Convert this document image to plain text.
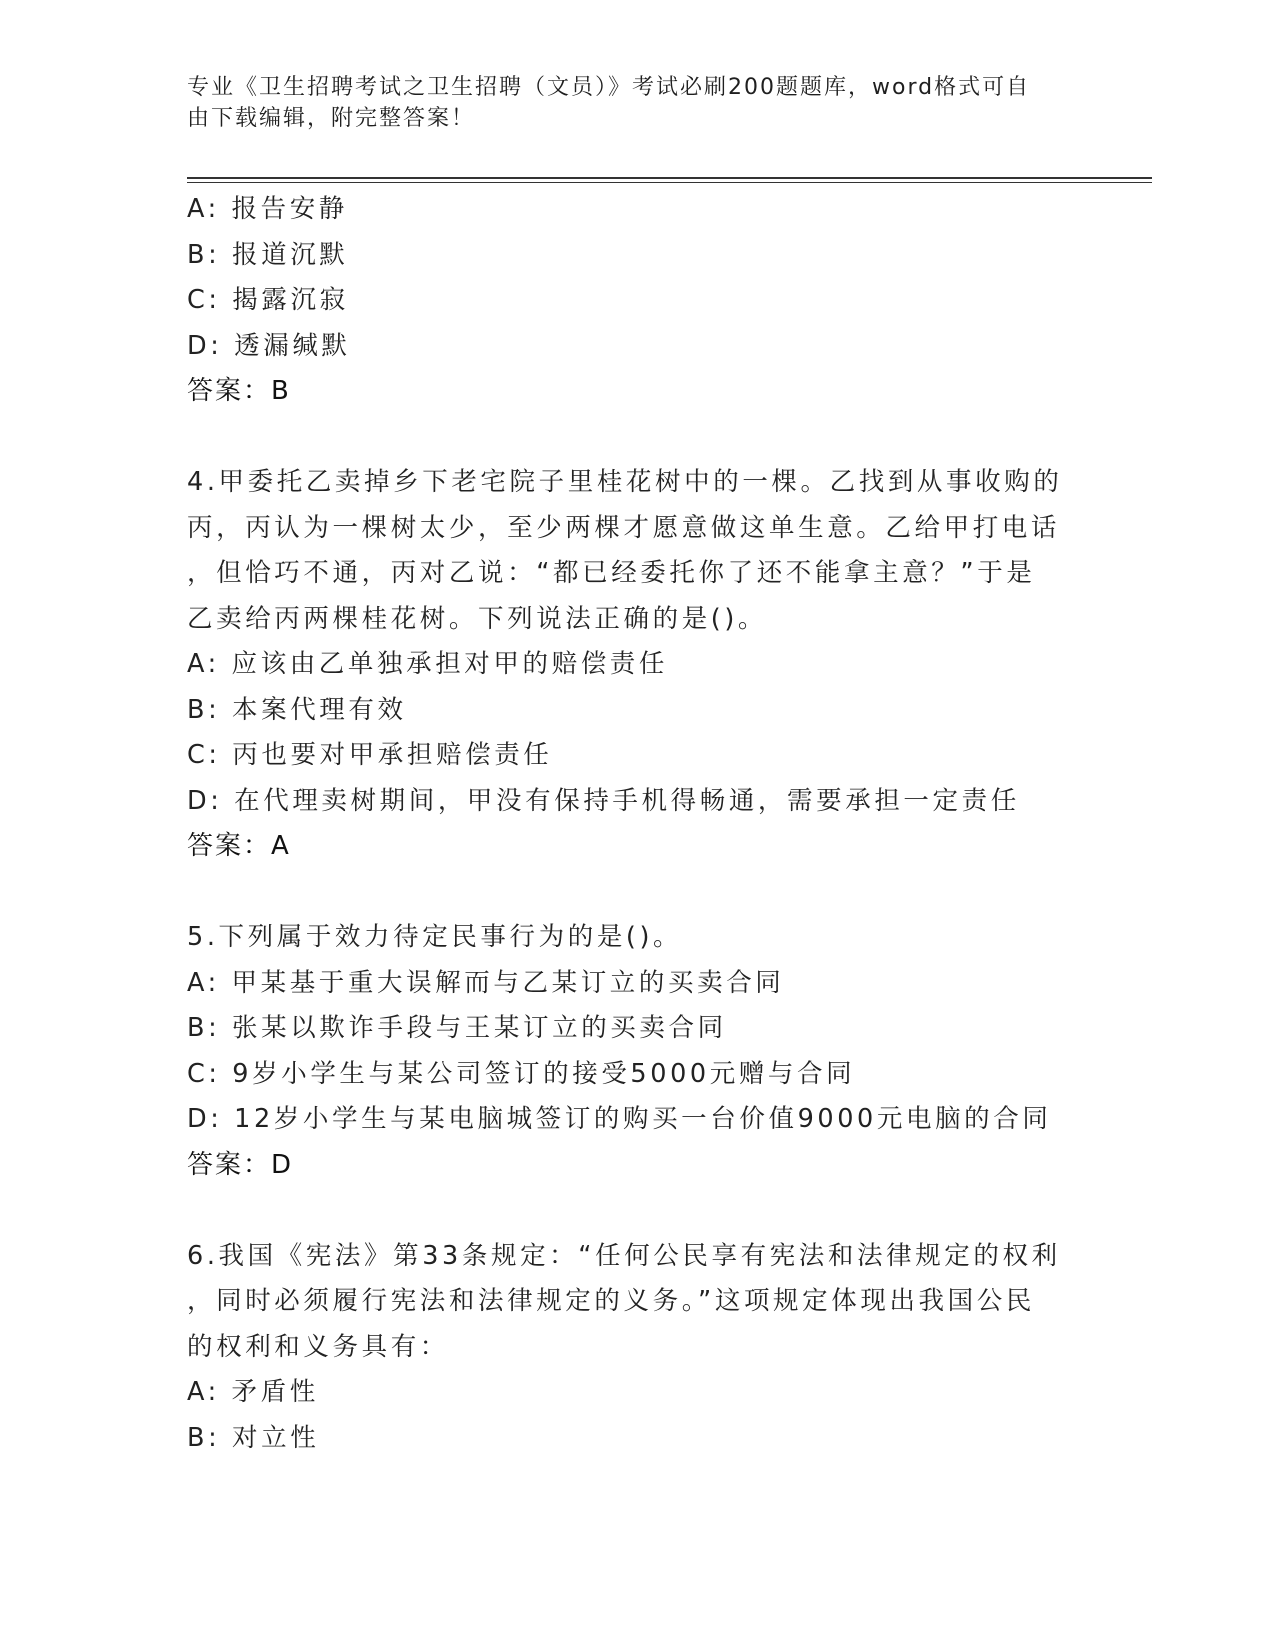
专业《卫生招聘考试之卫生招聘（文员）》考试必刷200题题库，word格式可自
由下载编辑，附完整答案！
A: 报告安静
B: 报道沉默
C: 揭露沉寂
D: 透漏缄默
答案：B
4.甲委托乙卖掉乡下老宅院子里桂花树中的一棵。乙找到从事收购的
丙，丙认为一棵树太少，至少两棵才愿意做这单生意。乙给甲打电话
，但恰巧不通，丙对乙说：“都已经委托你了还不能拿主意？”于是
乙卖给丙两棵桂花树。下列说法正确的是()。
A: 应该由乙单独承担对甲的赔偿责任
B: 本案代理有效
C: 丙也要对甲承担赔偿责任
D: 在代理卖树期间，甲没有保持手机得畅通，需要承担一定责任
答案：A
5.下列属于效力待定民事行为的是()。
A: 甲某基于重大误解而与乙某订立的买卖合同
B: 张某以欺诈手段与王某订立的买卖合同
C: 9岁小学生与某公司签订的接受5000元赠与合同
D: 12岁小学生与某电脑城签订的购买一台价值9000元电脑的合同
答案：D
6.我国《宪法》第33条规定：“任何公民享有宪法和法律规定的权利
，同时必须履行宪法和法律规定的义务。”这项规定体现出我国公民
的权利和义务具有：
A: 矛盾性
B: 对立性
